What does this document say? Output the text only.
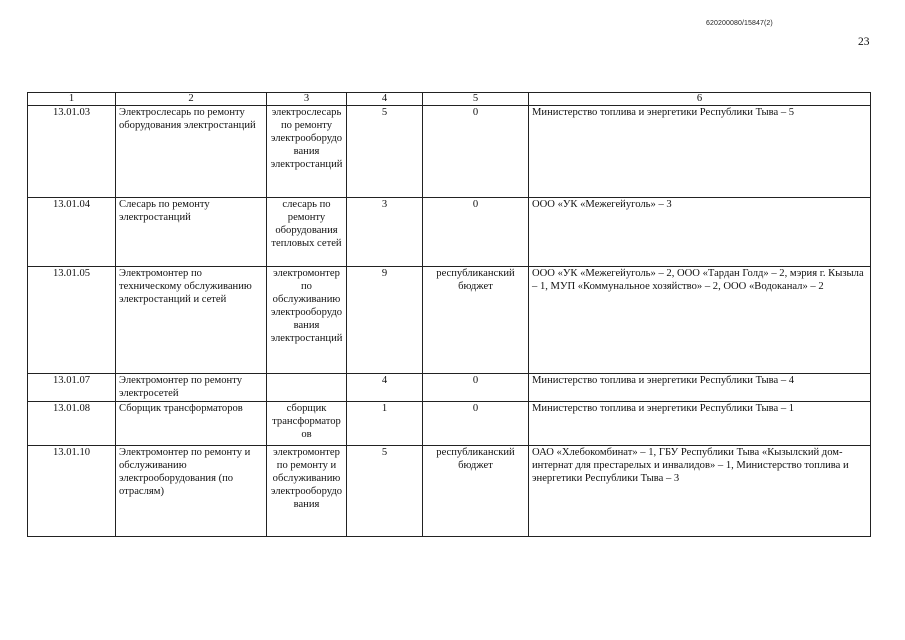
620200080/15847(2)
23
1	2	3	4	5	6
13.01.03	Электрослесарь по ремонту оборудования электростанций	электрослесарь по ремонту электрооборудования электростанций	5	0	Министерство топлива и энергетики Республики Тыва – 5
13.01.04	Слесарь по ремонту электростанций	слесарь по ремонту оборудования тепловых сетей	3	0	ООО «УК «Межегейуголь» – 3
13.01.05	Электромонтер по техническому обслуживанию электростанций и сетей	электромонтер по обслуживанию электрооборудования электростанций	9	республиканский бюджет	ООО «УК «Межегейуголь» – 2, ООО «Тардан Голд» – 2, мэрия г. Кызыла – 1, МУП «Коммунальное хозяйство» – 2, ООО «Водоканал» – 2
13.01.07	Электромонтер по ремонту электросетей		4	0	Министерство топлива и энергетики Республики Тыва – 4
13.01.08	Сборщик трансформаторов	сборщик трансформаторов	1	0	Министерство топлива и энергетики Республики Тыва – 1
13.01.10	Электромонтер по ремонту и обслуживанию электрооборудования (по отраслям)	электромонтер по ремонту и обслуживанию электрооборудования	5	республиканский бюджет	ОАО «Хлебокомбинат» – 1, ГБУ Республики Тыва «Кызылский дом-интернат для престарелых и инвалидов» – 1, Министерство топлива и энергетики Республики Тыва – 3
